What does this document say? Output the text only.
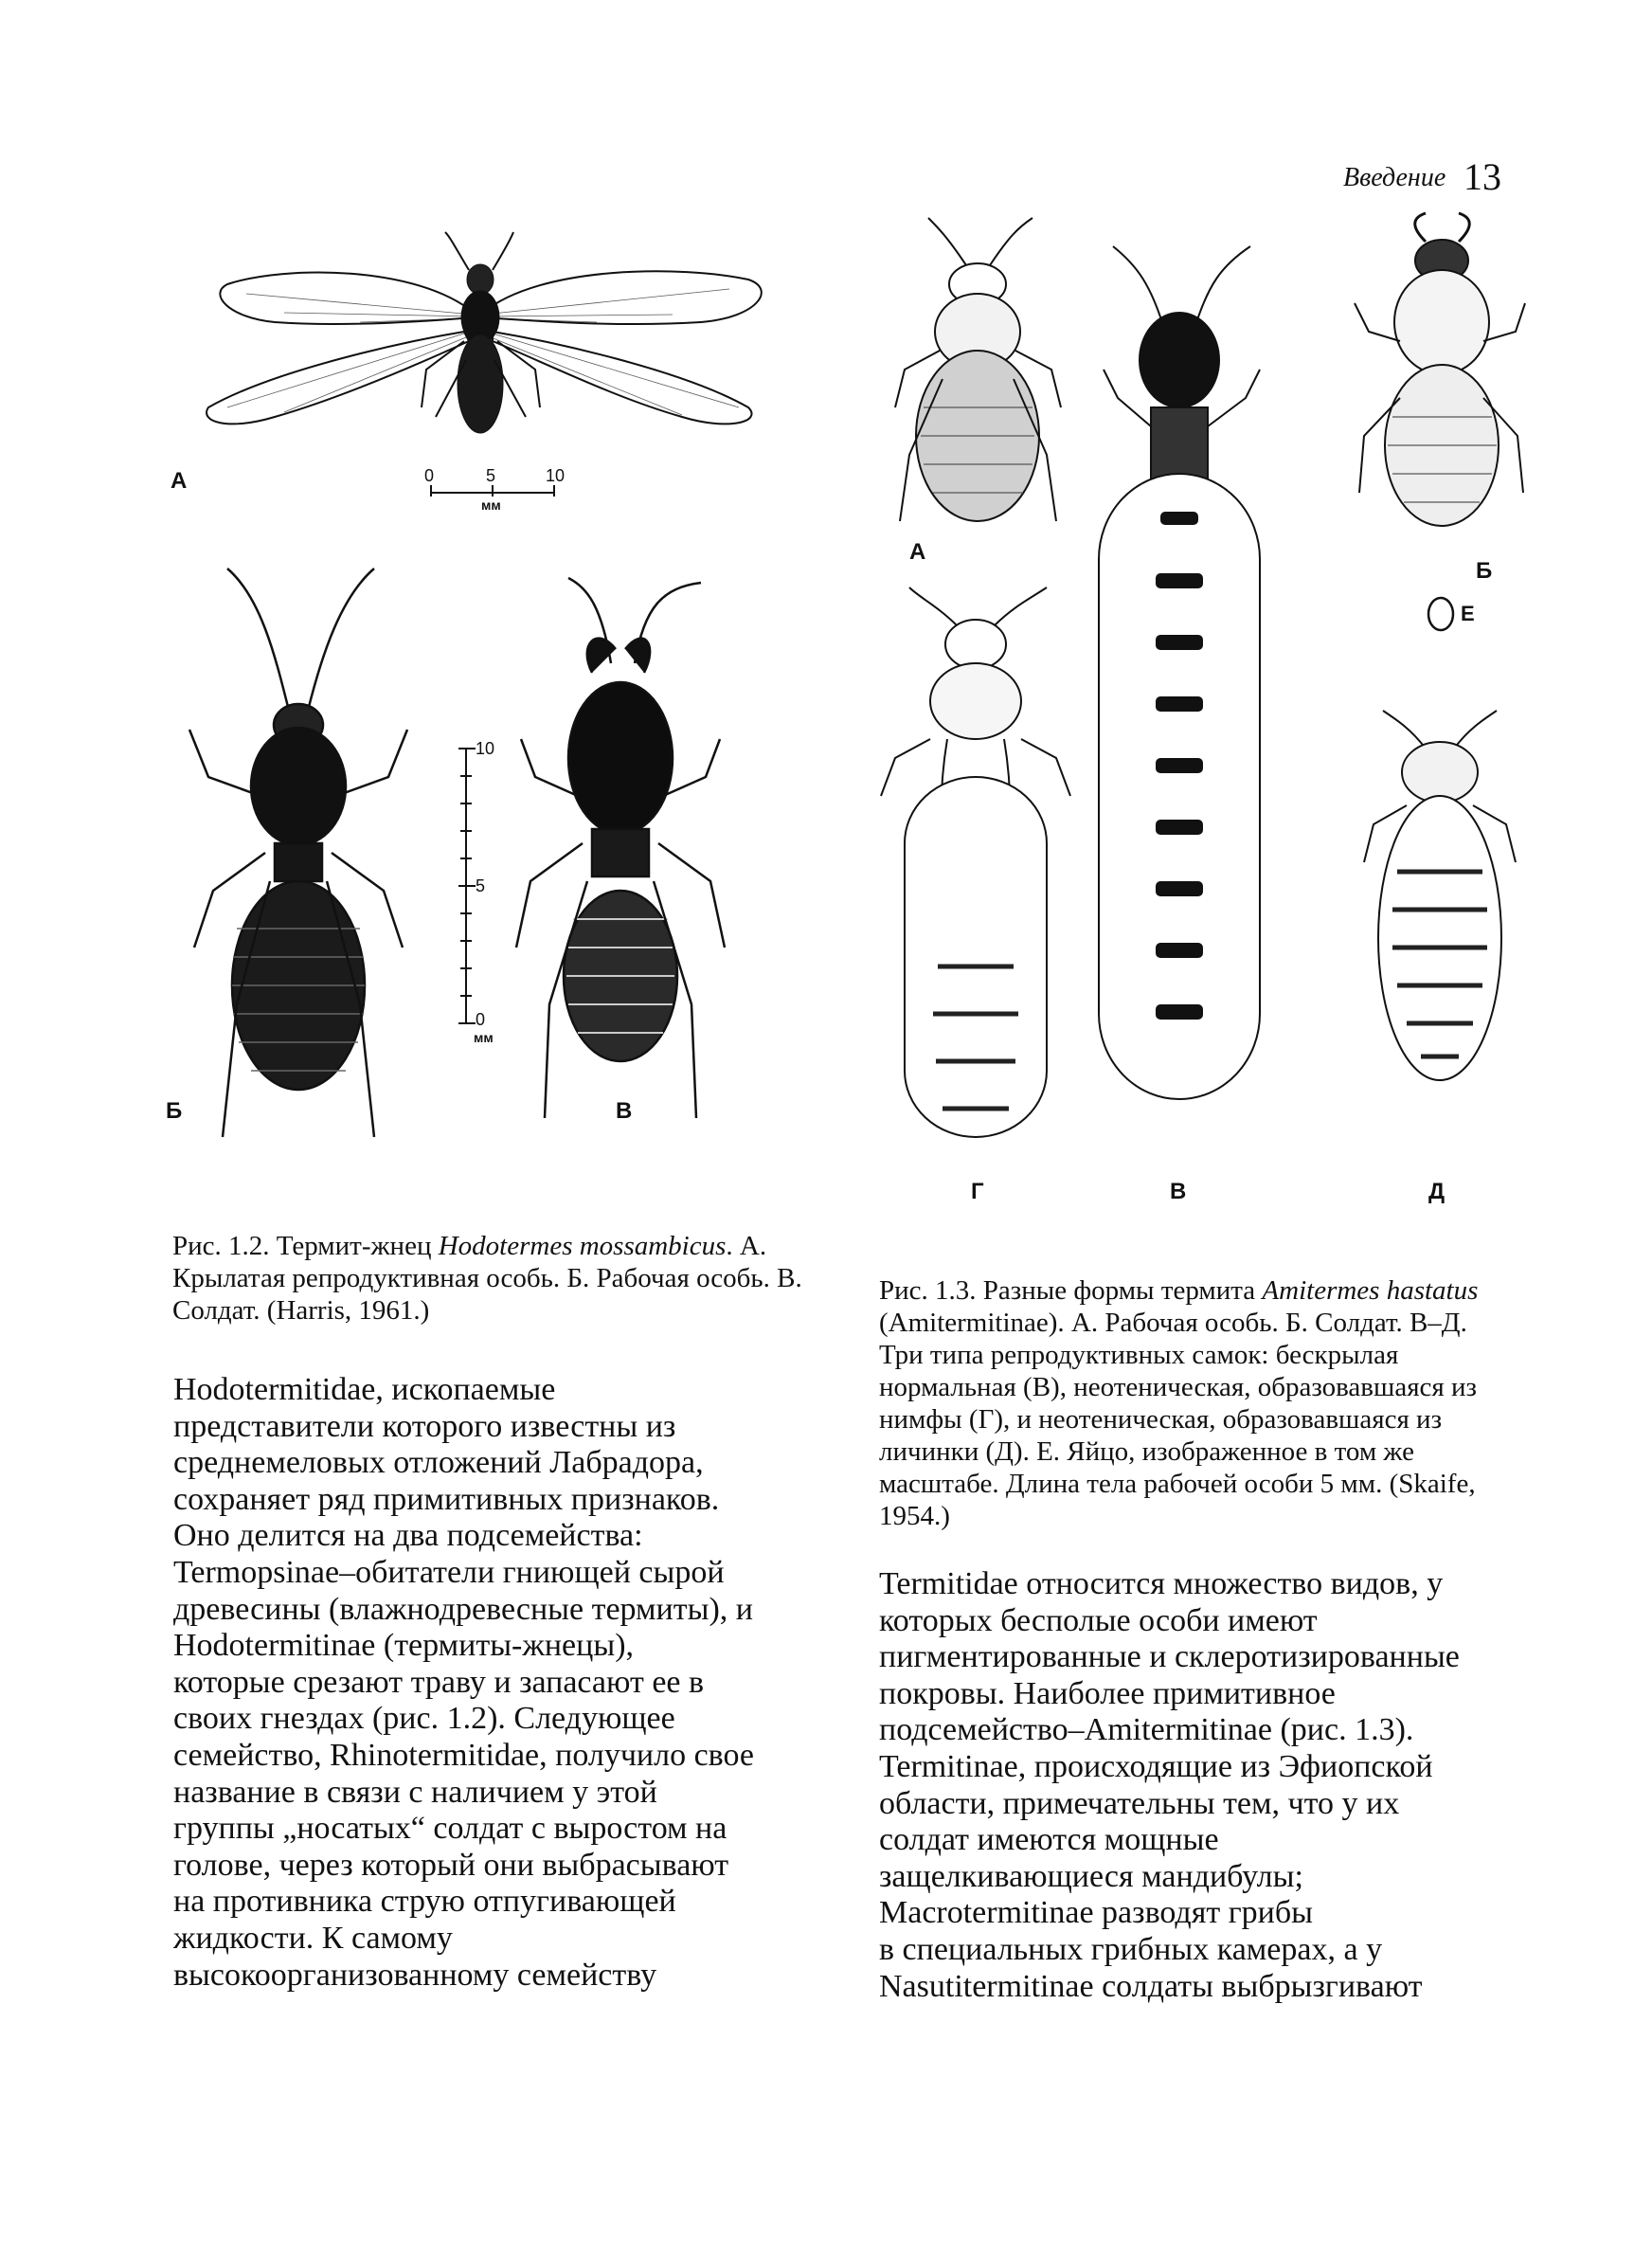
Введение 13
А	0	5	10
мм
Б
10
5
0
мм
В

Рис. 1.2. Термит-жнец Hodotermes mossambicus. А. Крылатая репродуктивная особь. Б. Рабочая особь. В. Солдат. (Harris, 1961.)

А
Б
Е
В
Г	Д

Рис. 1.3. Разные формы термита Amitermes hastatus (Amitermitinae). А. Рабочая особь. Б. Солдат. В–Д. Три типа репродуктивных самок: бескрылая нормальная (В), неотеническая, образовавшаяся из нимфы (Г), и неотеническая, образовавшаяся из личинки (Д). Е. Яйцо, изображенное в том же масштабе. Длина тела рабочей особи 5 мм. (Skaife, 1954.)

Hodotermitidae, ископаемые
представители которого известны из
среднемеловых отложений Лабрадора,
сохраняет ряд примитивных признаков.
Оно делится на два подсемейства:
Termopsinae–обитатели гниющей сырой
древесины (влажнодревесные термиты), и
Hodotermitinae (термиты-жнецы),
которые срезают траву и запасают ее в
своих гнездах (рис. 1.2). Следующее
семейство, Rhinotermitidae, получило свое
название в связи с наличием у этой
группы „носатых“ солдат с выростом на
голове, через который они выбрасывают
на противника струю отпугивающей
жидкости. К самому
высокоорганизованному семейству
Termitidae относится множество видов, у
которых бесполые особи имеют
пигментированные и склеротизированные
покровы. Наиболее примитивное
подсемейство–Amitermitinae (рис. 1.3).
Termitinae, происходящие из Эфиопской
области, примечательны тем, что у их
солдат имеются мощные
защелкивающиеся мандибулы;
Macrotermitinae разводят грибы
в специальных грибных камерах, а у
Nasutitermitinae солдаты выбрызгивают
